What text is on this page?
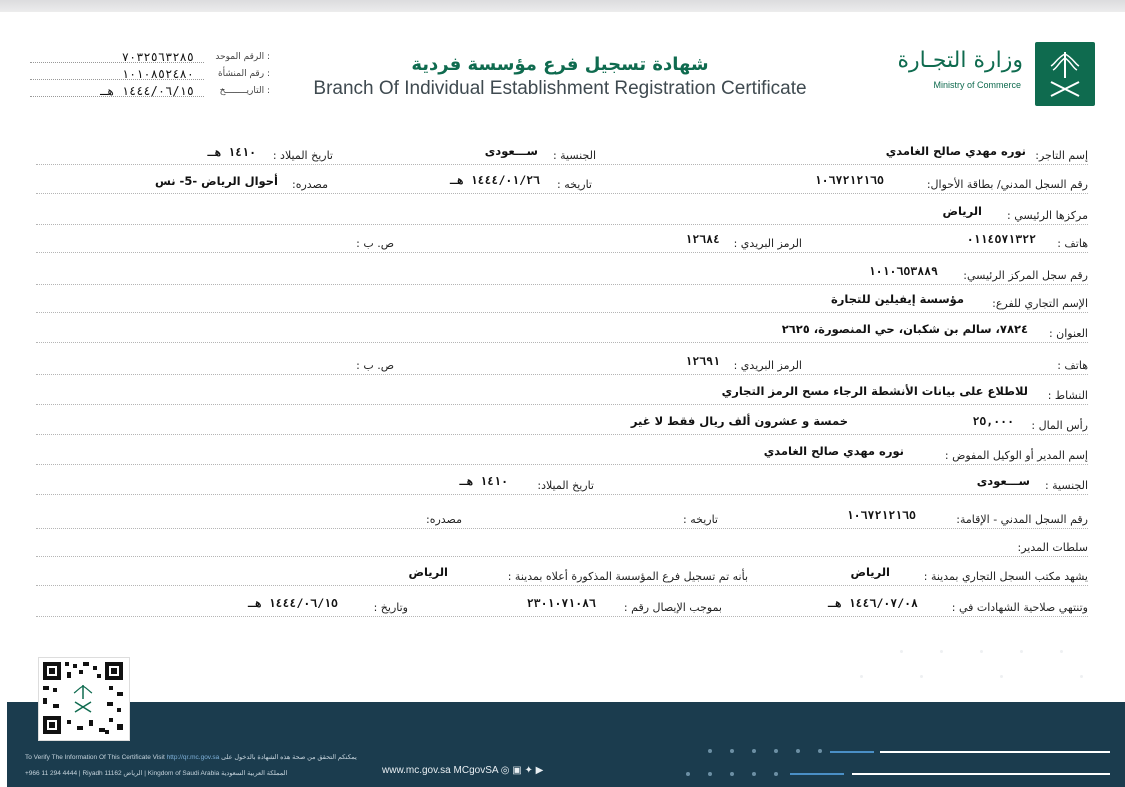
وزارة التجـارة
Ministry of Commerce
شهادة تسجيل فرع مؤسسة فردية
Branch Of Individual Establishment Registration Certificate
الرقم الموحد :
٧٠٣٢٥٦٣٢٨٥
رقم المنشأة :
١٠١٠٨٥٢٤٨٠
التاريــــــــخ :
١٤٤٤/٠٦/١٥ هـ
إسم التاجر:
نوره مهدي صالح الغامدي
الجنسية :
ســـعودى
تاريخ الميلاد :
١٤١٠ هـ
رقم السجل المدني/ بطاقة الأحوال:
١٠٦٧٢١٢١٦٥
تاريخه :
١٤٤٤/٠١/٢٦ هـ
مصدره:
أحوال الرياض -5- نس
مركزها الرئيسي :
الرياض
هاتف :
٠١١٤٥٧١٣٢٢
الرمز البريدي :
١٢٦٨٤
ص. ب :
رقم سجل المركز الرئيسي:
١٠١٠٦٥٣٨٨٩
الإسم التجاري للفرع:
مؤسسة إيفيلين للتجارة
العنوان :
٧٨٢٤، سالم بن شكبان، حي المنصورة، ٢٦٢٥
هاتف :
الرمز البريدي :
١٢٦٩١
ص. ب :
النشاط :
للاطلاع على بيانات الأنشطة الرجاء مسح الرمز التجاري
رأس المال :
٢٥,٠٠٠
خمسة و عشرون ألف ريال فقط لا غير
إسم المدير أو الوكيل المفوض :
نوره مهدي صالح الغامدي
الجنسية :
ســـعودى
تاريخ الميلاد:
١٤١٠ هـ
رقم السجل المدني - الإقامة:
١٠٦٧٢١٢١٦٥
تاريخه :
مصدره:
سلطات المدير:
يشهد مكتب السجل التجاري بمدينة :
الرياض
بأنه تم تسجيل فرع المؤسسة المذكورة أعلاه بمدينة :
الرياض
وتنتهي صلاحية الشهادات في :
١٤٤٦/٠٧/٠٨ هـ
بموجب الإيصال رقم :
٢٣٠١٠٧١٠٨٦
وتاريخ :
١٤٤٤/٠٦/١٥ هـ
To Verify The Information Of This Certificate Visit http://qr.mc.gov.sa يمكنكم التحقق من صحة هذه الشهادة بالدخول على
+966 11 294 4444 | Riyadh 11162 الرياض | Kingdom of Saudi Arabia المملكة العربية السعودية	www.mc.gov.sa MCgovSA ◎ ▣ ✦ ▶
